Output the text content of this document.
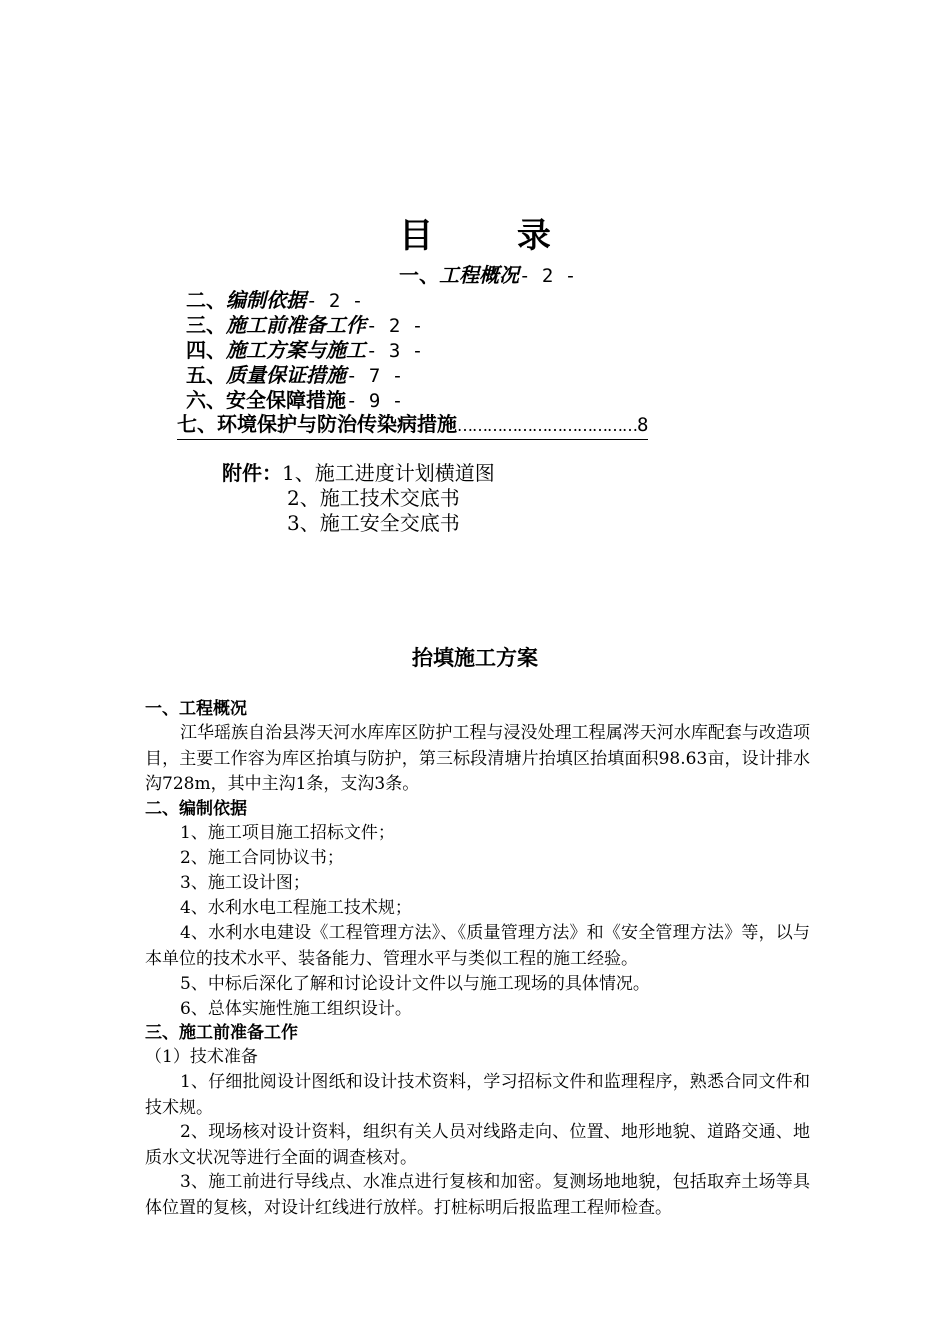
目 录
一、工程概况- 2 -
二、编制依据- 2 -
三、施工前准备工作- 2 -
四、施工方案与施工- 3 -
五、质量保证措施- 7 -
六、安全保障措施- 9 -
七、环境保护与防治传染病措施………………………………8
附件：1、施工进度计划横道图
2、施工技术交底书
3、施工安全交底书
抬填施工方案
一、工程概况
江华瑶族自治县涔天河水库库区防护工程与浸没处理工程属涔天河水库配套与改造项目，主要工作容为库区抬填与防护，第三标段清塘片抬填区抬填面积98.63亩，设计排水沟728m，其中主沟1条，支沟3条。
二、编制依据
1、施工项目施工招标文件；
2、施工合同协议书；
3、施工设计图；
4、水利水电工程施工技术规；
4、水利水电建设《工程管理方法》、《质量管理方法》和《安全管理方法》等，以与本单位的技术水平、装备能力、管理水平与类似工程的施工经验。
5、中标后深化了解和讨论设计文件以与施工现场的具体情况。
6、总体实施性施工组织设计。
三、施工前准备工作
（1）技术准备
1、仔细批阅设计图纸和设计技术资料，学习招标文件和监理程序，熟悉合同文件和技术规。
2、现场核对设计资料，组织有关人员对线路走向、位置、地形地貌、道路交通、地质水文状况等进行全面的调查核对。
3、施工前进行导线点、水准点进行复核和加密。复测场地地貌，包括取弃土场等具体位置的复核，对设计红线进行放样。打桩标明后报监理工程师检查。
